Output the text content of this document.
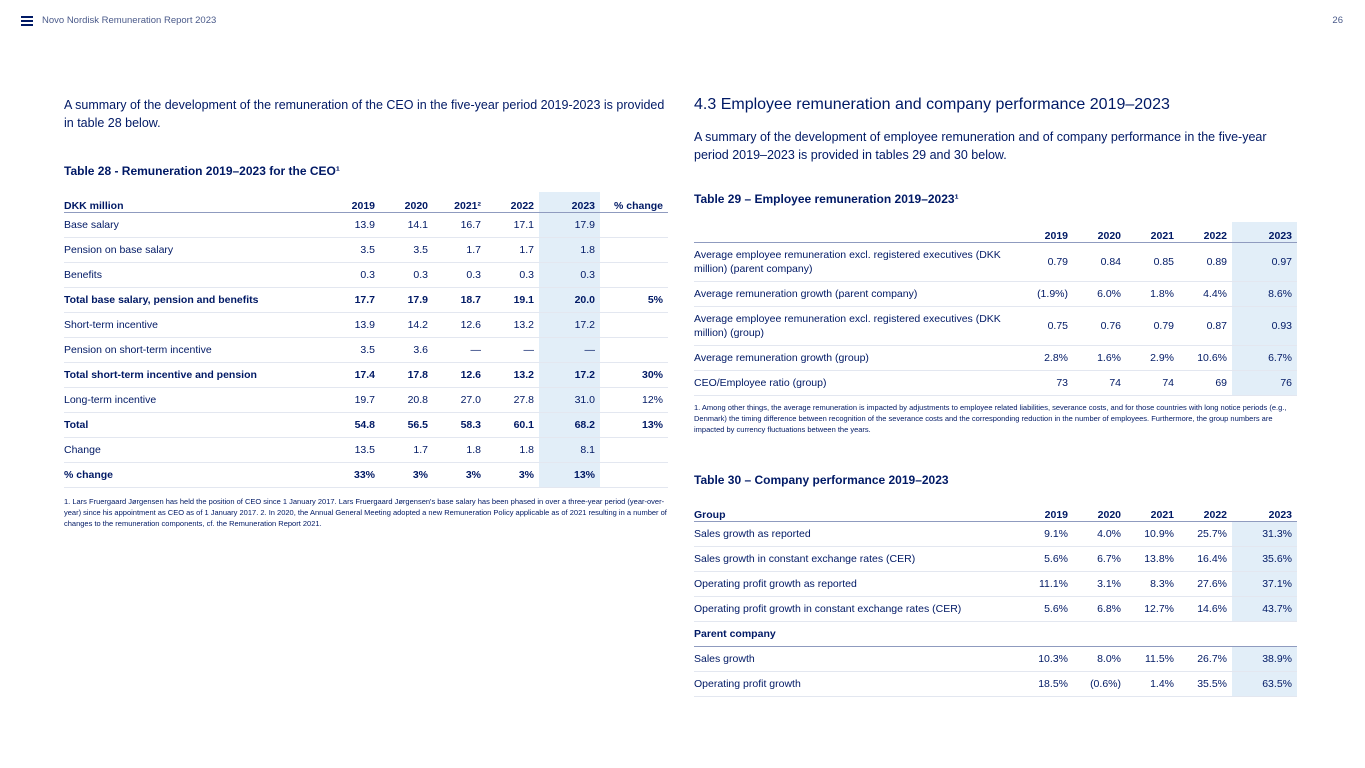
Novo Nordisk Remuneration Report 2023	26

A summary of the development of the remuneration of the CEO in the five-year period 2019-2023 is provided in table 28 below.

Table 28 - Remuneration 2019–2023 for the CEO¹

DKK million	2019	2020	2021²	2022	2023	% change
Base salary	13.9	14.1	16.7	17.1	17.9	
Pension on base salary	3.5	3.5	1.7	1.7	1.8	
Benefits	0.3	0.3	0.3	0.3	0.3	
Total base salary, pension and benefits	17.7	17.9	18.7	19.1	20.0	5%
Short-term incentive	13.9	14.2	12.6	13.2	17.2	
Pension on short-term incentive	3.5	3.6	—	—	—	
Total short-term incentive and pension	17.4	17.8	12.6	13.2	17.2	30%
Long-term incentive	19.7	20.8	27.0	27.8	31.0	12%
Total	54.8	56.5	58.3	60.1	68.2	13%
Change	13.5	1.7	1.8	1.8	8.1	
% change	33%	3%	3%	3%	13%	

1. Lars Fruergaard Jørgensen has held the position of CEO since 1 January 2017. Lars Fruergaard Jørgensen's base salary has been phased in over a three-year period (year-over-year) since his appointment as CEO as of 1 January 2017. 2. In 2020, the Annual General Meeting adopted a new Remuneration Policy applicable as of 2021 resulting in a number of changes to the remuneration components, cf. the Remuneration Report 2021.

4.3 Employee remuneration and company performance 2019–2023

A summary of the development of employee remuneration and of company performance in the five-year period 2019–2023 is provided in tables 29 and 30 below.

Table 29 – Employee remuneration 2019–2023¹

	2019	2020	2021	2022	2023
Average employee remuneration excl. registered executives (DKK million) (parent company)	0.79	0.84	0.85	0.89	0.97
Average remuneration growth (parent company)	(1.9%)	6.0%	1.8%	4.4%	8.6%
Average employee remuneration excl. registered executives (DKK million) (group)	0.75	0.76	0.79	0.87	0.93
Average remuneration growth (group)	2.8%	1.6%	2.9%	10.6%	6.7%
CEO/Employee ratio (group)	73	74	74	69	76

1. Among other things, the average remuneration is impacted by adjustments to employee related liabilities, severance costs, and for those countries with long notice periods (e.g., Denmark) the timing difference between recognition of the severance costs and the corresponding reduction in the number of employees. Furthermore, the group numbers are impacted by currency fluctuations between the years.

Table 30 – Company performance 2019–2023

Group	2019	2020	2021	2022	2023
Sales growth as reported	9.1%	4.0%	10.9%	25.7%	31.3%
Sales growth in constant exchange rates (CER)	5.6%	6.7%	13.8%	16.4%	35.6%
Operating profit growth as reported	11.1%	3.1%	8.3%	27.6%	37.1%
Operating profit growth in constant exchange rates (CER)	5.6%	6.8%	12.7%	14.6%	43.7%
Parent company					
Sales growth	10.3%	8.0%	11.5%	26.7%	38.9%
Operating profit growth	18.5%	(0.6%)	1.4%	35.5%	63.5%
